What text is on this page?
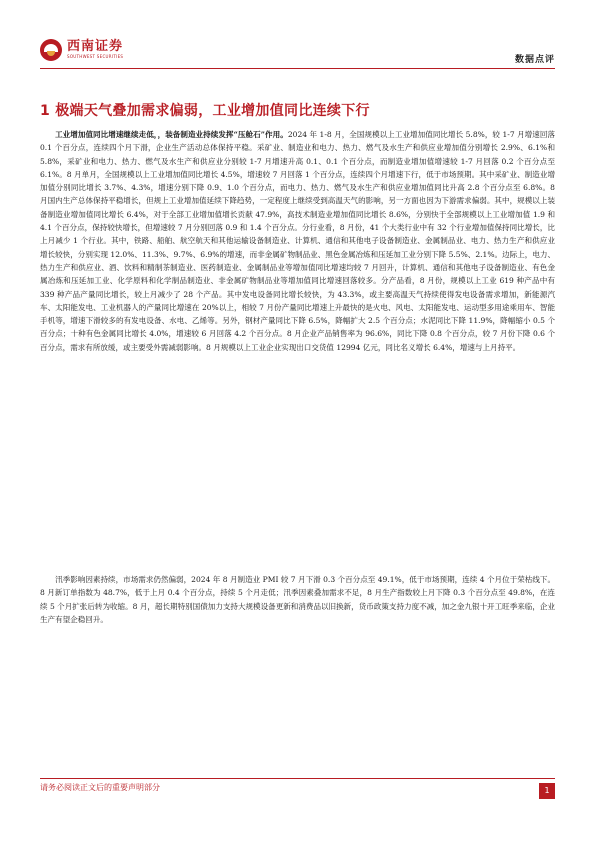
西南证券
SOUTHWEST SECURITIES	数据点评
1 极端天气叠加需求偏弱，工业增加值同比连续下行
工业增加值同比增速继续走低，，装备制造业持续发挥“压舱石”作用。2024 年 1-8 月，全国规模以上工业增加值同比增长 5.8%，较 1-7 月增速回落 0.1 个百分点，连续四个月下滑，企业生产活动总体保持平稳。采矿业、制造业和电力、热力、燃气及水生产和供应业增加值分别增长 2.9%、6.1%和 5.8%，采矿业和电力、热力、燃气及水生产和供应业分别较 1-7 月增速升高 0.1、0.1 个百分点，而制造业增加值增速较 1-7 月回落 0.2 个百分点至 6.1%。8 月单月，全国规模以上工业增加值同比增长 4.5%，增速较 7 月回落 1 个百分点，连续四个月增速下行，低于市场预期。其中采矿业、制造业增加值分别同比增长 3.7%、4.3%，增速分别下降 0.9、1.0 个百分点，而电力、热力、燃气及水生产和供应业增加值同比升高 2.8 个百分点至 6.8%。8 月国内生产总体保持平稳增长，但规上工业增加值延续下降趋势，一定程度上继续受到高温天气的影响，另一方面也因为下游需求偏弱。其中，规模以上装备制造业增加值同比增长 6.4%，对于全部工业增加值增长贡献 47.9%，高技术制造业增加值同比增长 8.6%，分别快于全部规模以上工业增加值 1.9 和 4.1 个百分点，保持较快增长，但增速较 7 月分别回落 0.9 和 1.4 个百分点。分行业看，8 月份，41 个大类行业中有 32 个行业增加值保持同比增长，比上月减少 1 个行业。其中，铁路、船舶、航空航天和其他运输设备制造业、计算机、通信和其他电子设备制造业、金属制品业、电力、热力生产和供应业增长较快，分别实现 12.0%、11.3%、9.7%、6.9%的增速，而非金属矿物制品业、黑色金属冶炼和压延加工业分别下降 5.5%、2.1%。边际上，电力、热力生产和供应业、酒、饮料和精制茶制造业、医药制造业、金属制品业等增加值同比增速均较 7 月回升，计算机、通信和其他电子设备制造业、有色金属冶炼和压延加工业、化学原料和化学制品制造业、非金属矿物制品业等增加值同比增速回落较多。分产品看，8 月份，规模以上工业 619 种产品中有 339 种产品产量同比增长，较上月减少了 28 个产品。其中发电设备同比增长较快，为 43.3%，或主要高温天气持续使得发电设备需求增加，新能源汽车、太阳能发电、工业机器人的产量同比增速在 20%以上，相较 7 月份产量同比增速上升最快的是火电、风电、太阳能发电、运动型多用途乘用车、智能手机等，增速下滑较多的有发电设备、水电、乙烯等。另外，钢材产量同比下降 6.5%，降幅扩大 2.5 个百分点；水泥同比下降 11.9%，降幅缩小 0.5 个百分点；十种有色金属同比增长 4.0%，增速较 6 月回落 4.2 个百分点。8 月企业产品销售率为 96.6%，同比下降 0.8 个百分点，较 7 月份下降 0.6 个百分点，需求有所放缓，或主要受外需减弱影响。8 月规模以上工业企业实现出口交货值 12994 亿元，同比名义增长 6.4%，增速与上月持平。
汛季影响因素持续，市场需求仍然偏弱，2024 年 8 月制造业 PMI 较 7 月下滑 0.3 个百分点至 49.1%，低于市场预期，连续 4 个月位于荣枯线下。8 月新订单指数为 48.7%，低于上月 0.4 个百分点，持续 5 个月走低；汛季因素叠加需求不足，8 月生产指数较上月下降 0.3 个百分点至 49.8%，在连续 5 个月扩张后转为收缩。8 月，超长期特别国债加力支持大规模设备更新和消费品以旧换新，货币政策支持力度不减，加之金九银十开工旺季来临，企业生产有望企稳回升。
请务必阅读正文后的重要声明部分	1
